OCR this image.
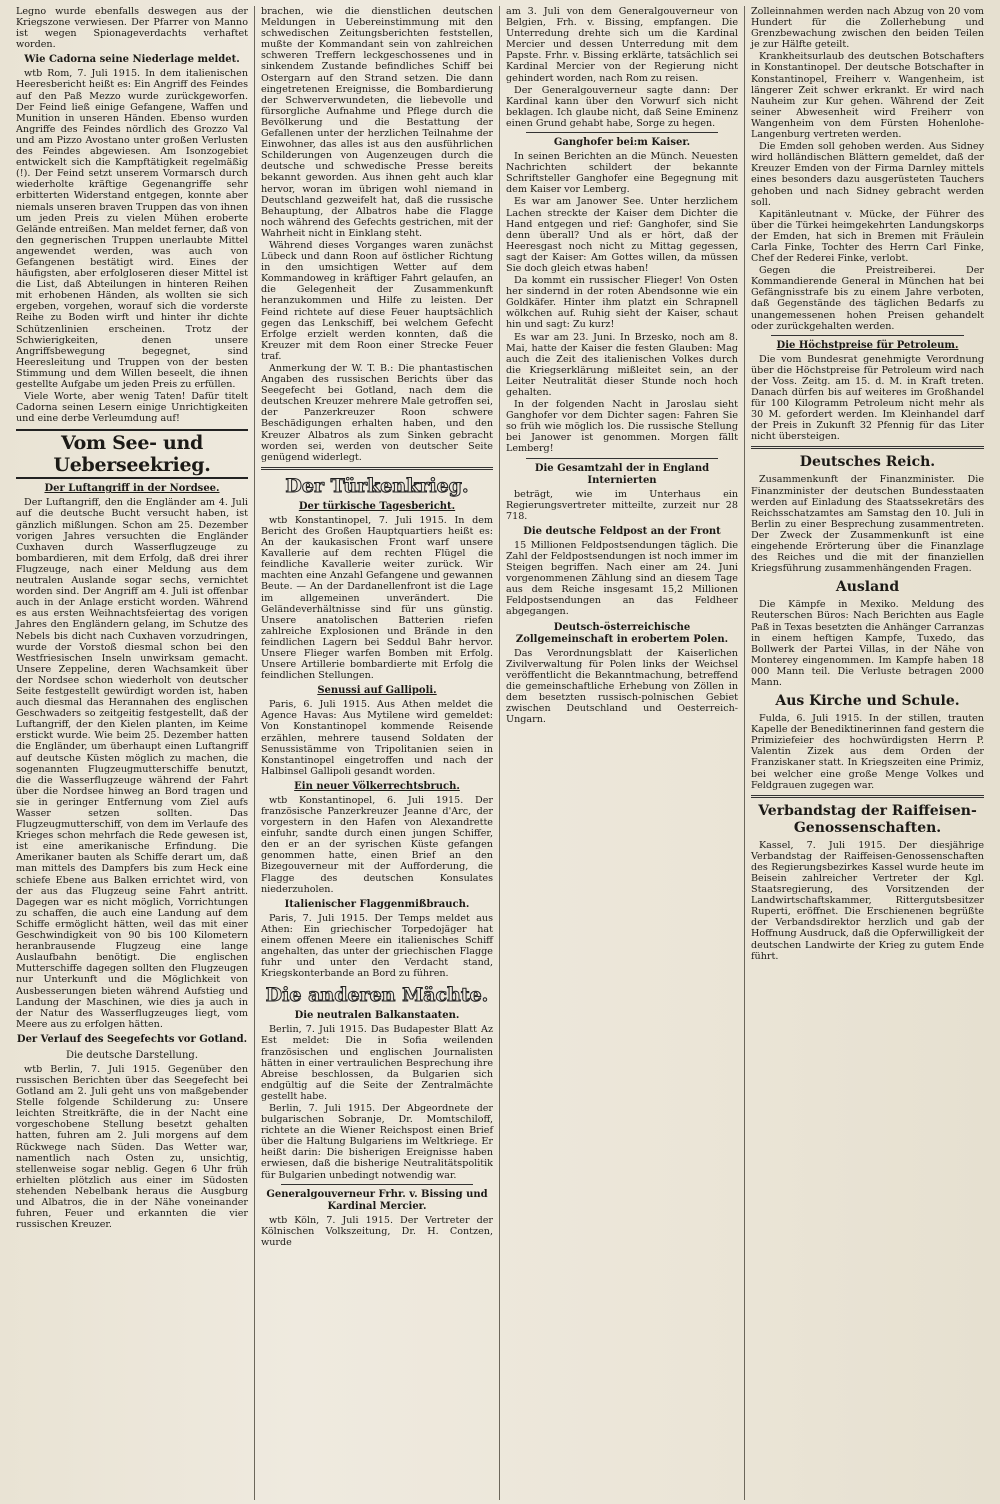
Legno wurde ebenfalls deswegen aus der Kriegszone verwiesen. Der Pfarrer von Manno ist wegen Spionageverdachts verhaftet worden.

Wie Cadorna seine Niederlage meldet.

wtb Rom, 7. Juli 1915. In dem italienischen Heeresbericht heißt es: Ein Angriff des Feindes auf den Paß Mezzo wurde zurückgeworfen. Der Feind ließ einige Gefangene, Waffen und Munition in unseren Händen. Ebenso wurden Angriffe des Feindes nördlich des Grozzo Val und am Pizzo Avostano unter großen Verlusten des Feindes abgewiesen. Am Isonzogebiet entwickelt sich die Kampftätigkeit regelmäßig (!). Der Feind setzt unserem Vormarsch durch wiederholte kräftige Gegenangriffe sehr erbitterten Widerstand entgegen, konnte aber niemals unseren braven Truppen das von ihnen um jeden Preis zu vielen Mühen eroberte Gelände entreißen. Man meldet ferner, daß von den gegnerischen Truppen unerlaubte Mittel angewendet werden, was auch von Gefangenen bestätigt wird. Eines der häufigsten, aber erfolgloseren dieser Mittel ist die List, daß Abteilungen in hinteren Reihen mit erhobenen Händen, als wollten sie sich ergeben, vorgehen, worauf sich die vorderste Reihe zu Boden wirft und hinter ihr dichte Schützenlinien erscheinen. Trotz der Schwierigkeiten, denen unsere Angriffsbewegung begegnet, sind Heeresleitung und Truppen von der besten Stimmung und dem Willen beseelt, die ihnen gestellte Aufgabe um jeden Preis zu erfüllen.

Viele Worte, aber wenig Taten! Dafür titelt Cadorna seinen Lesern einige Unrichtigkeiten und eine derbe Verleumdung auf!

Vom See- und Ueberseekrieg.
Der Luftangriff in der Nordsee.

Der Luftangriff, den die Engländer am 4. Juli auf die deutsche Bucht versucht haben, ist gänzlich mißlungen. Schon am 25. Dezember vorigen Jahres versuchten die Engländer Cuxhaven durch Wasserflugzeuge zu bombardieren, mit dem Erfolg, daß drei ihrer Flugzeuge, nach einer Meldung aus dem neutralen Auslande sogar sechs, vernichtet worden sind. Der Angriff am 4. Juli ist offenbar auch in der Anlage ersticht worden. Während es aus ersten Weihnachtsfeiertag des vorigen Jahres den Engländern gelang, im Schutze des Nebels bis dicht nach Cuxhaven vorzudringen, wurde der Vorstoß diesmal schon bei den Westfriesischen Inseln unwirksam gemacht. Unsere Zeppeline, deren Wachsamkeit über der Nordsee schon wiederholt von deutscher Seite festgestellt gewürdigt worden ist, haben auch diesmal das Herannahen des englischen Geschwaders so zeitgeitig festgestellt, daß der Luftangriff, der den Kielen planten, im Keime erstickt wurde. Wie beim 25. Dezember hatten die Engländer, um überhaupt einen Luftangriff auf deutsche Küsten möglich zu machen, die sogenannten Flugzeugmutterschiffe benutzt, die die Wasserflugzeuge während der Fahrt über die Nordsee hinweg an Bord tragen und sie in geringer Entfernung vom Ziel aufs Wasser setzen sollten. Das Flugzeugmutterschiff, von dem im Verlaufe des Krieges schon mehrfach die Rede gewesen ist, ist eine amerikanische Erfindung. Die Amerikaner bauten als Schiffe derart um, daß man mittels des Dampfers bis zum Heck eine schiefe Ebene aus Balken errichtet wird, von der aus das Flugzeug seine Fahrt antritt. Dagegen war es nicht möglich, Vorrichtungen zu schaffen, die auch eine Landung auf dem Schiffe ermöglicht hätten, weil das mit einer Geschwindigkeit von 90 bis 100 Kilometern heranbrausende Flugzeug eine lange Auslaufbahn benötigt. Die englischen Mutterschiffe dagegen sollten den Flugzeugen nur Unterkunft und die Möglichkeit von Ausbesserungen bieten während Aufstieg und Landung der Maschinen, wie dies ja auch in der Natur des Wasserflugzeuges liegt, vom Meere aus zu erfolgen hätten.

Der Verlauf des Seegefechts vor Gotland.
Die deutsche Darstellung.

wtb Berlin, 7. Juli 1915. Gegenüber den russischen Berichten über das Seegefecht bei Gotland am 2. Juli geht uns von maßgebender Stelle folgende Schilderung zu: Unsere leichten Streitkräfte, die in der Nacht eine vorgeschobene Stellung besetzt gehalten hatten, fuhren am 2. Juli morgens auf dem Rückwege nach Süden. Das Wetter war, namentlich nach Osten zu, unsichtig, stellenweise sogar neblig. Gegen 6 Uhr früh erhielten plötzlich aus einer im Südosten stehenden Nebelbank heraus die Ausgburg und Albatros, die in der Nähe voneinander fuhren, Feuer und erkannten die vier russischen Kreuzer.

brachen, wie die dienstlichen deutschen Meldungen in Uebereinstimmung mit den schwedischen Zeitungsberichten feststellen, mußte der Kommandant sein von zahlreichen schweren Treffern leckgeschossenes und in sinkendem Zustande befindliches Schiff bei Ostergarn auf den Strand setzen. Die dann eingetretenen Ereignisse, die Bombardierung der Schwerverwundeten, die liebevolle und fürsorgliche Aufnahme und Pflege durch die Bevölkerung und die Bestattung der Gefallenen unter der herzlichen Teilnahme der Einwohner, das alles ist aus den ausführlichen Schilderungen von Augenzeugen durch die deutsche und schwedische Presse bereits bekannt geworden. Aus ihnen geht auch klar hervor, woran im übrigen wohl niemand in Deutschland gezweifelt hat, daß die russische Behauptung, der Albatros habe die Flagge noch während des Gefechts gestrichen, mit der Wahrheit nicht in Einklang steht.

Während dieses Vorganges waren zunächst Lübeck und dann Roon auf östlicher Richtung in den umsichtigen Wetter auf dem Kommandoweg in kräftiger Fahrt gelaufen, an die Gelegenheit der Zusammenkunft heranzukommen und Hilfe zu leisten. Der Feind richtete auf diese Feuer hauptsächlich gegen das Lenkschiff, bei welchem Gefecht Erfolge erzielt werden konnten, daß die Kreuzer mit dem Roon einer Strecke Feuer traf.

Anmerkung der W. T. B.: Die phantastischen Angaben des russischen Berichts über das Seegefecht bei Gotland, nach dem die deutschen Kreuzer mehrere Male getroffen sei, der Panzerkreuzer Roon schwere Beschädigungen erhalten haben, und den Kreuzer Albatros als zum Sinken gebracht worden sei, werden von deutscher Seite genügend widerlegt.

Der Türkenkrieg.
Der türkische Tagesbericht.

wtb Konstantinopel, 7. Juli 1915. In dem Bericht des Großen Hauptquartiers heißt es: An der kaukasischen Front warf unsere Kavallerie auf dem rechten Flügel die feindliche Kavallerie weiter zurück. Wir machten eine Anzahl Gefangene und gewannen Beute. — An der Dardanellenfront ist die Lage im allgemeinen unverändert. Die Geländeverhältnisse sind für uns günstig. Unsere anatolischen Batterien riefen zahlreiche Explosionen und Brände in den feindlichen Lagern bei Seddul Bahr hervor. Unsere Flieger warfen Bomben mit Erfolg. Unsere Artillerie bombardierte mit Erfolg die feindlichen Stellungen.

Senussi auf Gallipoli.

Paris, 6. Juli 1915. Aus Athen meldet die Agence Havas: Aus Mytilene wird gemeldet: Von Konstantinopel kommende Reisende erzählen, mehrere tausend Soldaten der Senussistämme von Tripolitanien seien in Konstantinopel eingetroffen und nach der Halbinsel Gallipoli gesandt worden.

Ein neuer Völkerrechtsbruch.

wtb Konstantinopel, 6. Juli 1915. Der französische Panzerkreuzer Jeanne d'Arc, der vorgestern in den Hafen von Alexandrette einfuhr, sandte durch einen jungen Schiffer, den er an der syrischen Küste gefangen genommen hatte, einen Brief an den Bizegouverneur mit der Aufforderung, die Flagge des deutschen Konsulates niederzuholen.

Italienischer Flaggenmißbrauch.

Paris, 7. Juli 1915. Der Temps meldet aus Athen: Ein griechischer Torpedojäger hat einem offenen Meere ein italienisches Schiff angehalten, das unter der griechischen Flagge fuhr und unter den Verdacht stand, Kriegskonterbande an Bord zu führen.

Die anderen Mächte.
Die neutralen Balkanstaaten.

Berlin, 7. Juli 1915. Das Budapester Blatt Az Est meldet: Die in Sofia weilenden französischen und englischen Journalisten hätten in einer vertraulichen Besprechung ihre Abreise beschlossen, da Bulgarien sich endgültig auf die Seite der Zentralmächte gestellt habe.

Berlin, 7. Juli 1915. Der Abgeordnete der bulgarischen Sobranje, Dr. Momtschiloff, richtete an die Wiener Reichspost einen Brief über die Haltung Bulgariens im Weltkriege. Er heißt darin: Die bisherigen Ereignisse haben erwiesen, daß die bisherige Neutralitätspolitik für Bulgarien unbedingt notwendig war.

Generalgouverneur Frhr. v. Bissing und Kardinal Mercier.

wtb Köln, 7. Juli 1915. Der Vertreter der Kölnischen Volkszeitung, Dr. H. Contzen, wurde

am 3. Juli von dem Generalgouverneur von Belgien, Frh. v. Bissing, empfangen. Die Unterredung drehte sich um die Kardinal Mercier und dessen Unterredung mit dem Papste. Frhr. v. Bissing erklärte, tatsächlich sei Kardinal Mercier von der Regierung nicht gehindert worden, nach Rom zu reisen.

Der Generalgouverneur sagte dann: Der Kardinal kann über den Vorwurf sich nicht beklagen. Ich glaube nicht, daß Seine Eminenz einen Grund gehabt habe, Sorge zu hegen.

Ganghofer bei:m Kaiser.

In seinen Berichten an die Münch. Neuesten Nachrichten schildert der bekannte Schriftsteller Ganghofer eine Begegnung mit dem Kaiser vor Lemberg.

Es war am Janower See. Unter herzlichem Lachen streckte der Kaiser dem Dichter die Hand entgegen und rief: Ganghofer, sind Sie denn überall? Und als er hört, daß der Heeresgast noch nicht zu Mittag gegessen, sagt der Kaiser: Am Gottes willen, da müssen Sie doch gleich etwas haben!

Da kommt ein russischer Flieger! Von Osten her sindernd in der roten Abendsonne wie ein Goldkäfer. Hinter ihm platzt ein Schrapnell wölkchen auf. Ruhig sieht der Kaiser, schaut hin und sagt: Zu kurz!

Es war am 23. Juni. In Brzesko, noch am 8. Mai, hatte der Kaiser die festen Glauben: Mag auch die Zeit des italienischen Volkes durch die Kriegserklärung mißleitet sein, an der Leiter Neutralität dieser Stunde noch hoch gehalten.

In der folgenden Nacht in Jaroslau sieht Ganghofer vor dem Dichter sagen: Fahren Sie so früh wie möglich los. Die russische Stellung bei Janower ist genommen. Morgen fällt Lemberg!

Die Gesamtzahl der in England Internierten

beträgt, wie im Unterhaus ein Regierungsvertreter mitteilte, zurzeit nur 28 718.

Die deutsche Feldpost an der Front

15 Millionen Feldpostsendungen täglich. Die Zahl der Feldpostsendungen ist noch immer im Steigen begriffen. Nach einer am 24. Juni vorgenommenen Zählung sind an diesem Tage aus dem Reiche insgesamt 15,2 Millionen Feldpostsendungen an das Feldheer abgegangen.

Deutsch-österreichische Zollgemeinschaft in erobertem Polen.

Das Verordnungsblatt der Kaiserlichen Zivilverwaltung für Polen links der Weichsel veröffentlicht die Bekanntmachung, betreffend die gemeinschaftliche Erhebung von Zöllen in dem besetzten russisch-polnischen Gebiet zwischen Deutschland und Oesterreich-Ungarn.

Zolleinnahmen werden nach Abzug von 20 vom Hundert für die Zollerhebung und Grenzbewachung zwischen den beiden Teilen je zur Hälfte geteilt.

Krankheitsurlaub des deutschen Botschafters in Konstantinopel. Der deutsche Botschafter in Konstantinopel, Freiherr v. Wangenheim, ist längerer Zeit schwer erkrankt. Er wird nach Nauheim zur Kur gehen. Während der Zeit seiner Abwesenheit wird Freiherr von Wangenheim von dem Fürsten Hohenlohe-Langenburg vertreten werden.

Die Emden soll gehoben werden. Aus Sidney wird holländischen Blättern gemeldet, daß der Kreuzer Emden von der Firma Darnley mittels eines besonders dazu ausgerüsteten Tauchers gehoben und nach Sidney gebracht werden soll.

Kapitänleutnant v. Mücke, der Führer des über die Türkei heimgekehrten Landungskorps der Emden, hat sich in Bremen mit Fräulein Carla Finke, Tochter des Herrn Carl Finke, Chef der Rederei Finke, verlobt.

Gegen die Preistreiberei. Der Kommandierende General in München hat bei Gefängnisstrafe bis zu einem Jahre verboten, daß Gegenstände des täglichen Bedarfs zu unangemessenen hohen Preisen gehandelt oder zurückgehalten werden.

Die Höchstpreise für Petroleum.

Die vom Bundesrat genehmigte Verordnung über die Höchstpreise für Petroleum wird nach der Voss. Zeitg. am 15. d. M. in Kraft treten. Danach dürfen bis auf weiteres im Großhandel für 100 Kilogramm Petroleum nicht mehr als 30 M. gefordert werden. Im Kleinhandel darf der Preis in Zukunft 32 Pfennig für das Liter nicht übersteigen.

Deutsches Reich.

Zusammenkunft der Finanzminister. Die Finanzminister der deutschen Bundesstaaten werden auf Einladung des Staatssekretärs des Reichsschatzamtes am Samstag den 10. Juli in Berlin zu einer Besprechung zusammentreten. Der Zweck der Zusammenkunft ist eine eingehende Erörterung über die Finanzlage des Reiches und die mit der finanziellen Kriegsführung zusammenhängenden Fragen.

Ausland

Die Kämpfe in Mexiko. Meldung des Reuterschen Büros: Nach Berichten aus Eagle Paß in Texas besetzten die Anhänger Carranzas in einem heftigen Kampfe, Tuxedo, das Bollwerk der Partei Villas, in der Nähe von Monterey eingenommen. Im Kampfe haben 18 000 Mann teil. Die Verluste betragen 2000 Mann.

Aus Kirche und Schule.

Fulda, 6. Juli 1915. In der stillen, trauten Kapelle der Benediktinerinnen fand gestern die Primiziefeier des hochwürdigsten Herrn P. Valentin Zizek aus dem Orden der Franziskaner statt. In Kriegszeiten eine Primiz, bei welcher eine große Menge Volkes und Feldgrauen zugegen war.

Verbandstag der Raiffeisen-Genossenschaften.

Kassel, 7. Juli 1915. Der diesjährige Verbandstag der Raiffeisen-Genossenschaften des Regierungsbezirkes Kassel wurde heute im Beisein zahlreicher Vertreter der Kgl. Staatsregierung, des Vorsitzenden der Landwirtschaftskammer, Rittergutsbesitzer Ruperti, eröffnet. Die Erschienenen begrüßte der Verbandsdirektor herzlich und gab der Hoffnung Ausdruck, daß die Opferwilligkeit der deutschen Landwirte der Krieg zu gutem Ende führt.
